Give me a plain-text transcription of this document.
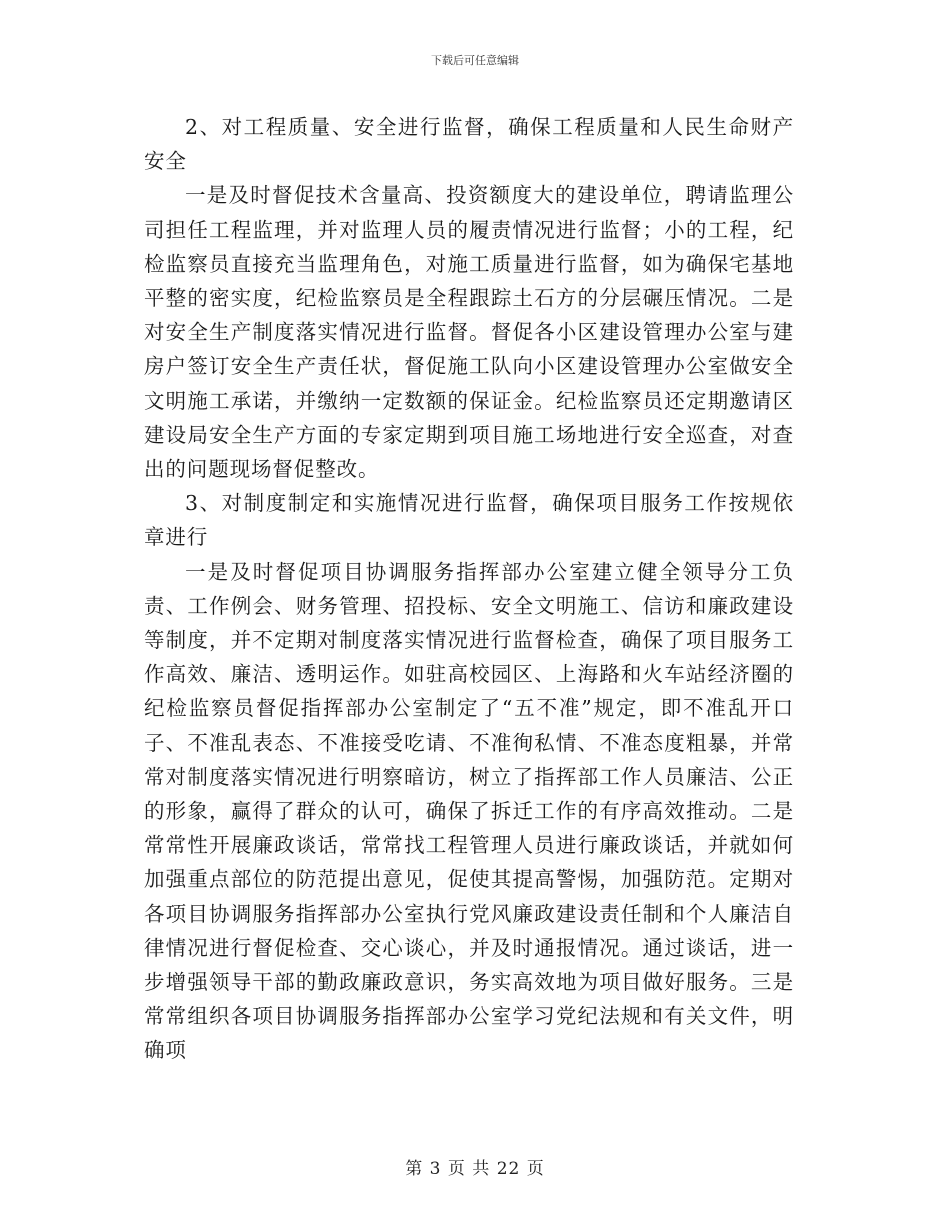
下载后可任意编辑

2、对工程质量、安全进行监督，确保工程质量和人民生命财产安全

一是及时督促技术含量高、投资额度大的建设单位，聘请监理公司担任工程监理，并对监理人员的履责情况进行监督；小的工程，纪检监察员直接充当监理角色，对施工质量进行监督，如为确保宅基地平整的密实度，纪检监察员是全程跟踪土石方的分层碾压情况。二是对安全生产制度落实情况进行监督。督促各小区建设管理办公室与建房户签订安全生产责任状，督促施工队向小区建设管理办公室做安全文明施工承诺，并缴纳一定数额的保证金。纪检监察员还定期邀请区建设局安全生产方面的专家定期到项目施工场地进行安全巡查，对查出的问题现场督促整改。

3、对制度制定和实施情况进行监督，确保项目服务工作按规依章进行

一是及时督促项目协调服务指挥部办公室建立健全领导分工负责、工作例会、财务管理、招投标、安全文明施工、信访和廉政建设等制度，并不定期对制度落实情况进行监督检查，确保了项目服务工作高效、廉洁、透明运作。如驻高校园区、上海路和火车站经济圈的纪检监察员督促指挥部办公室制定了“五不准”规定，即不准乱开口子、不准乱表态、不准接受吃请、不准徇私情、不准态度粗暴，并常常对制度落实情况进行明察暗访，树立了指挥部工作人员廉洁、公正的形象，赢得了群众的认可，确保了拆迁工作的有序高效推动。二是常常性开展廉政谈话，常常找工程管理人员进行廉政谈话，并就如何加强重点部位的防范提出意见，促使其提高警惕，加强防范。定期对各项目协调服务指挥部办公室执行党风廉政建设责任制和个人廉洁自律情况进行督促检查、交心谈心，并及时通报情况。通过谈话，进一步增强领导干部的勤政廉政意识，务实高效地为项目做好服务。三是常常组织各项目协调服务指挥部办公室学习党纪法规和有关文件，明确项

第 3 页 共 22 页
